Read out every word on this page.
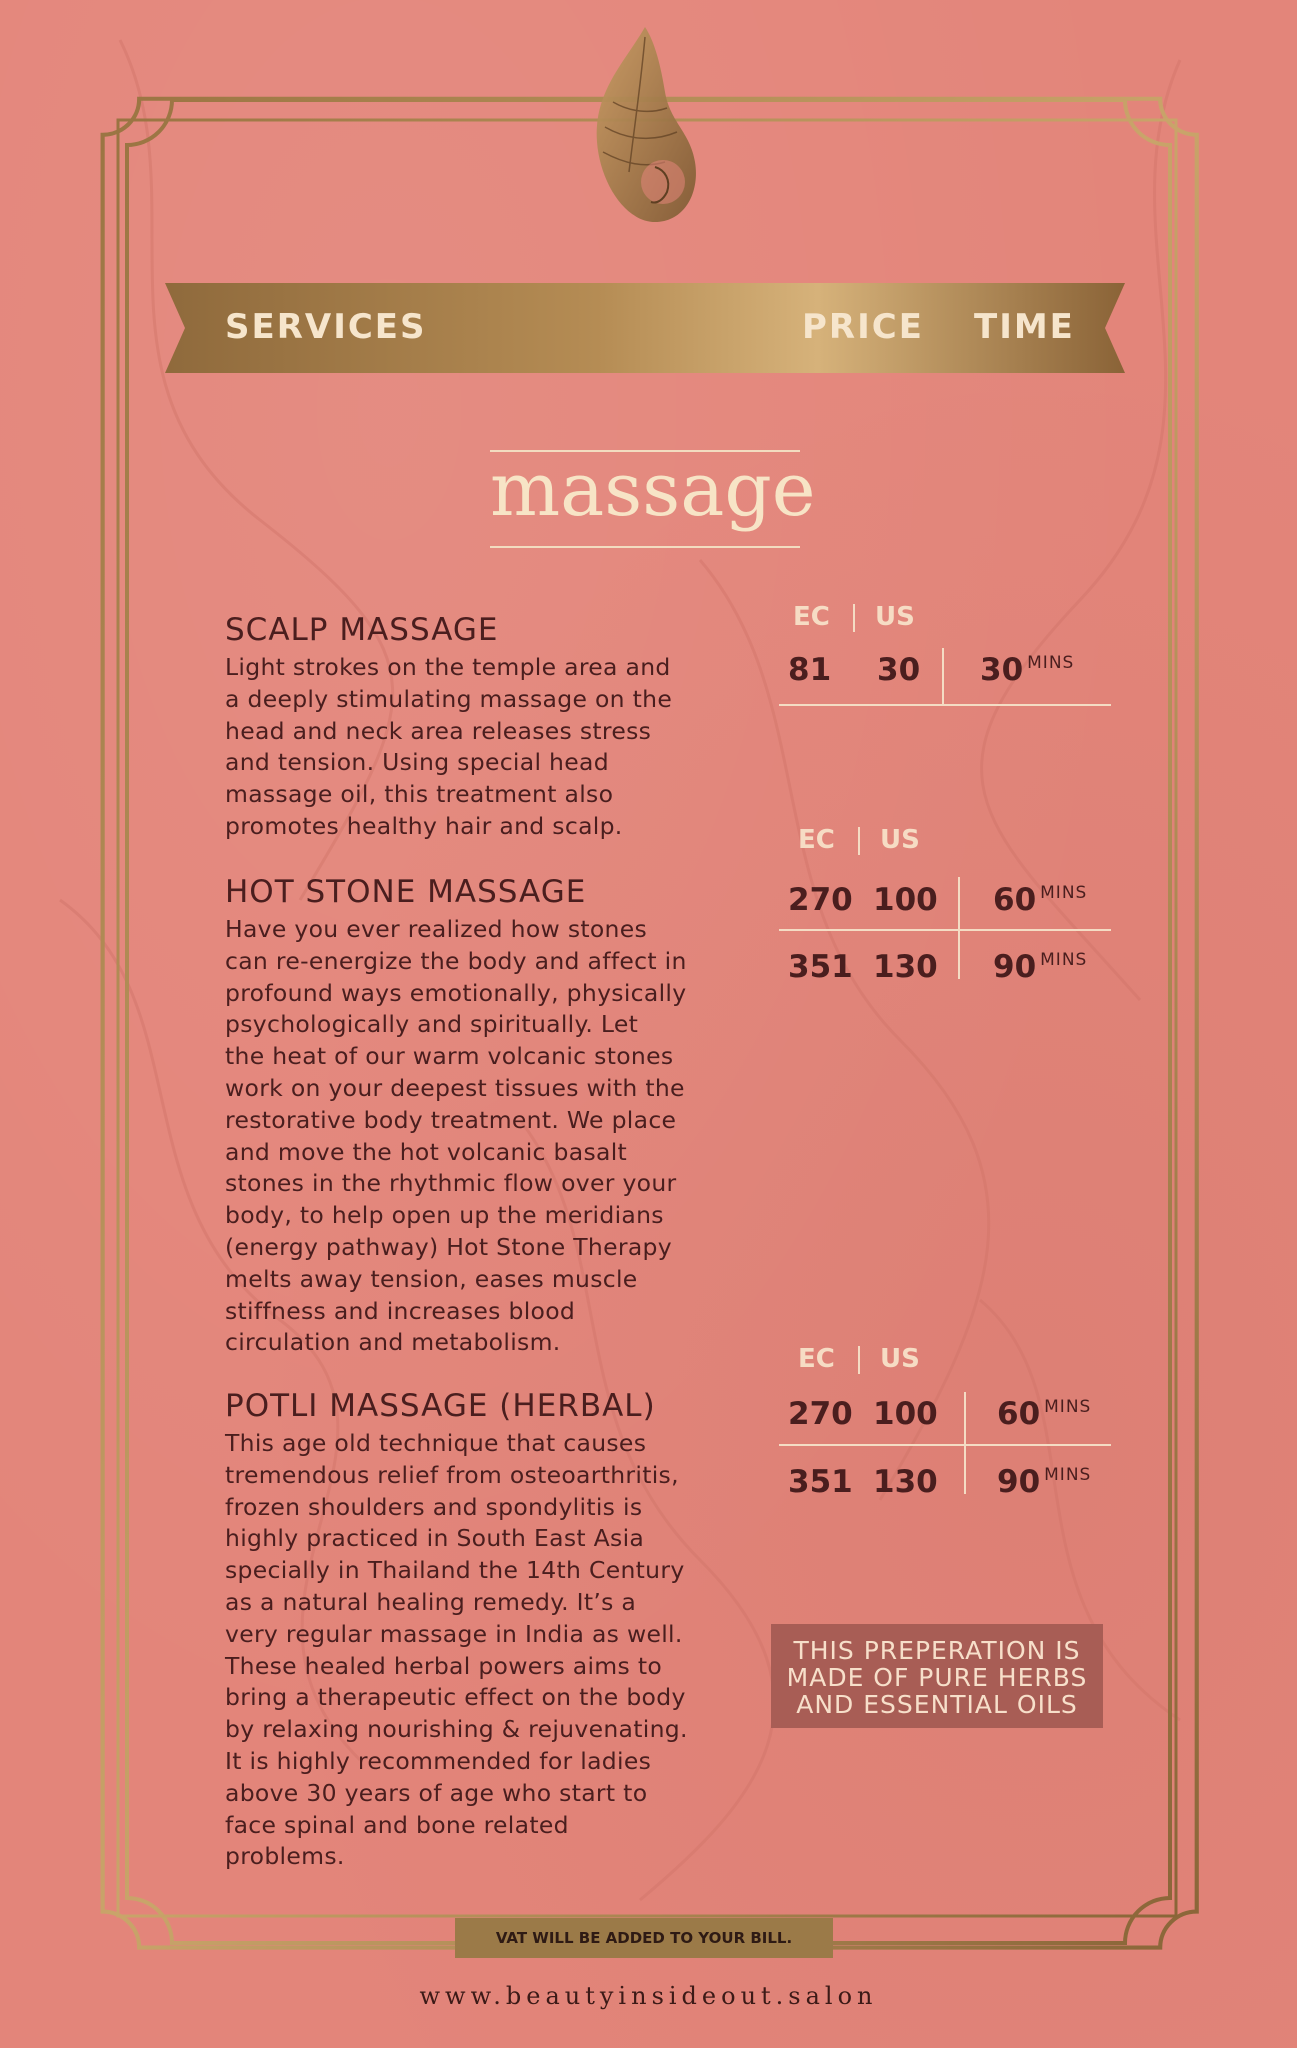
SERVICES	PRICE TIME
massage
SCALP MASSAGE

Light strokes on the temple area and
a deeply stimulating massage on the
head and neck area releases stress
and tension. Using special head
massage oil, this treatment also
promotes healthy hair and scalp.

EC US
81 30 30 $^{MINS}$
HOT STONE MASSAGE

Have you ever realized how stones
can re-energize the body and affect in
profound ways emotionally, physically
psychologically and spiritually. Let
the heat of our warm volcanic stones
work on your deepest tissues with the
restorative body treatment. We place
and move the hot volcanic basalt
stones in the rhythmic flow over your
body, to help open up the meridians
(energy pathway) Hot Stone Therapy
melts away tension, eases muscle
stiffness and increases blood
circulation and metabolism.

EC US
270 100 60 $^{MINS}$
351 130 90 $^{MINS}$
POTLI MASSAGE (HERBAL)

This age old technique that causes
tremendous relief from osteoarthritis,
frozen shoulders and spondylitis is
highly practiced in South East Asia
specially in Thailand the 14th Century
as a natural healing remedy. It’s a
very regular massage in India as well.
These healed herbal powers aims to
bring a therapeutic effect on the body
by relaxing nourishing & rejuvenating.
It is highly recommended for ladies
above 30 years of age who start to
face spinal and bone related
problems.

EC US
270 100 60 $^{MINS}$
351 130 90 $^{MINS}$
THIS PREPERATION IS
MADE OF PURE HERBS
AND ESSENTIAL OILS
VAT WILL BE ADDED TO YOUR BILL.
www.beautyinsideout.salon
